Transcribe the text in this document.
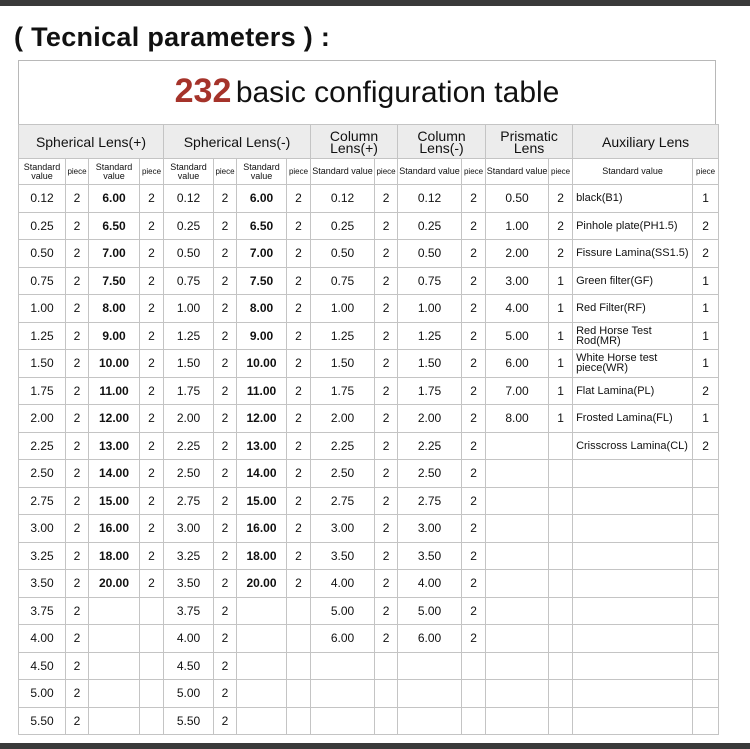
( Tecnical parameters ) :
232 basic configuration table
Spherical Lens(+)				Spherical Lens(-)				Column Lens(+)		Column Lens(-)		Prismatic Lens		Auxiliary Lens	
Standard value	piece	Standard value	piece	Standard value	piece	Standard value	piece	Standard value	piece	Standard value	piece	Standard value	piece	Standard value	piece
0.12	2	6.00	2	0.12	2	6.00	2	0.12	2	0.12	2	0.50	2	black(B1)	1
0.25	2	6.50	2	0.25	2	6.50	2	0.25	2	0.25	2	1.00	2	Pinhole plate(PH1.5)	2
0.50	2	7.00	2	0.50	2	7.00	2	0.50	2	0.50	2	2.00	2	Fissure Lamina(SS1.5)	2
0.75	2	7.50	2	0.75	2	7.50	2	0.75	2	0.75	2	3.00	1	Green filter(GF)	1
1.00	2	8.00	2	1.00	2	8.00	2	1.00	2	1.00	2	4.00	1	Red Filter(RF)	1
1.25	2	9.00	2	1.25	2	9.00	2	1.25	2	1.25	2	5.00	1	Red Horse Test Rod(MR)	1
1.50	2	10.00	2	1.50	2	10.00	2	1.50	2	1.50	2	6.00	1	White Horse test piece(WR)	1
1.75	2	11.00	2	1.75	2	11.00	2	1.75	2	1.75	2	7.00	1	Flat Lamina(PL)	2
2.00	2	12.00	2	2.00	2	12.00	2	2.00	2	2.00	2	8.00	1	Frosted Lamina(FL)	1
2.25	2	13.00	2	2.25	2	13.00	2	2.25	2	2.25	2			Crisscross Lamina(CL)	2
2.50	2	14.00	2	2.50	2	14.00	2	2.50	2	2.50	2				
2.75	2	15.00	2	2.75	2	15.00	2	2.75	2	2.75	2				
3.00	2	16.00	2	3.00	2	16.00	2	3.00	2	3.00	2				
3.25	2	18.00	2	3.25	2	18.00	2	3.50	2	3.50	2				
3.50	2	20.00	2	3.50	2	20.00	2	4.00	2	4.00	2				
3.75	2			3.75	2			5.00	2	5.00	2				
4.00	2			4.00	2			6.00	2	6.00	2				
4.50	2			4.50	2										
5.00	2			5.00	2										
5.50	2			5.50	2										
